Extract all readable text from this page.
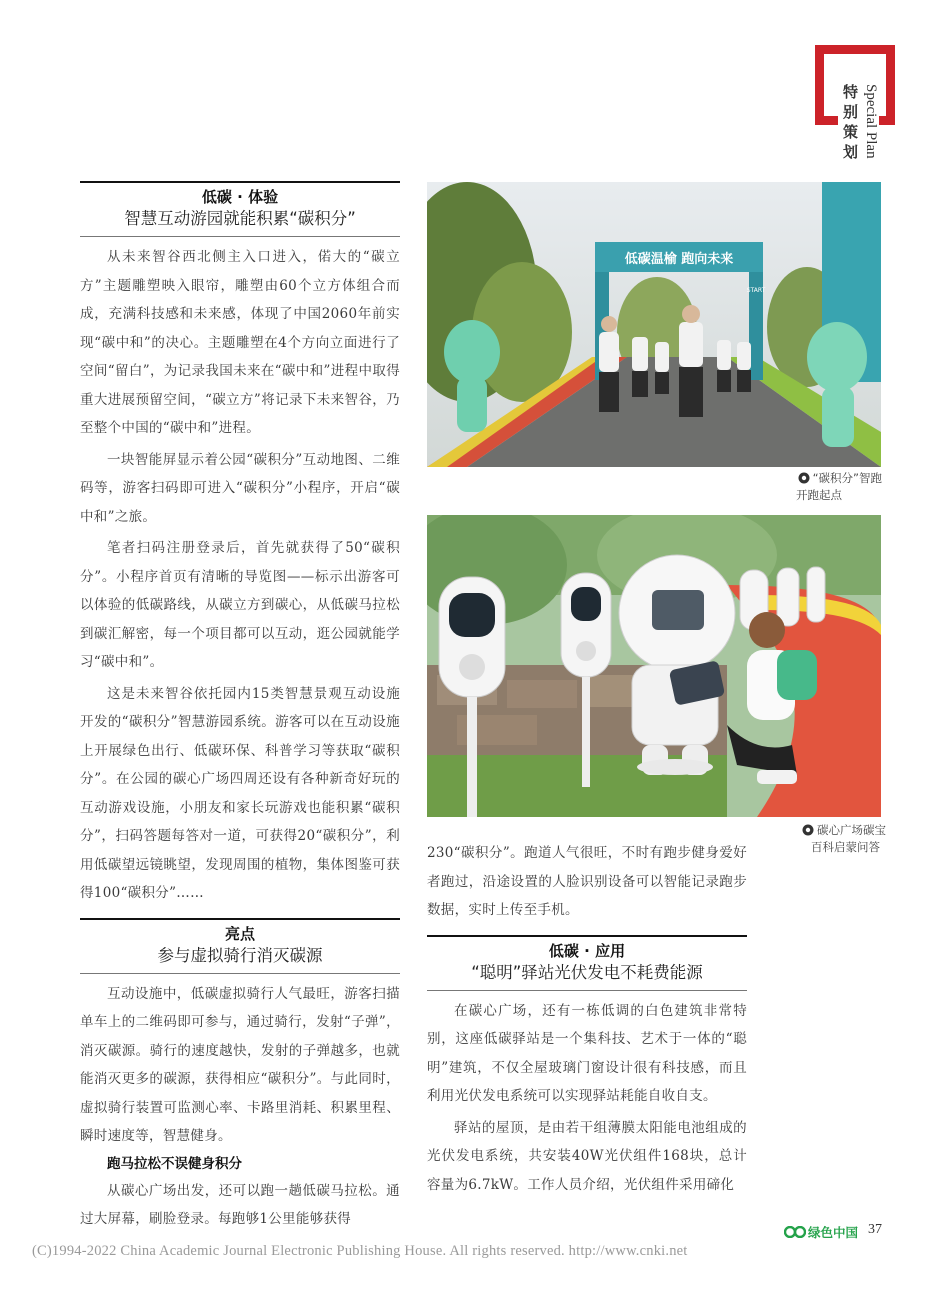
特别策划 Special Plan
低碳 · 体验
智慧互动游园就能积累“碳积分”

从未来智谷西北侧主入口进入，偌大的“碳立方”主题雕塑映入眼帘，雕塑由60个立方体组合而成，充满科技感和未来感，体现了中国2060年前实现“碳中和”的决心。主题雕塑在4个方向立面进行了空间“留白”，为记录我国未来在“碳中和”进程中取得重大进展预留空间，“碳立方”将记录下未来智谷，乃至整个中国的“碳中和”进程。

一块智能屏显示着公园“碳积分”互动地图、二维码等，游客扫码即可进入“碳积分”小程序，开启“碳中和”之旅。

笔者扫码注册登录后，首先就获得了50“碳积分”。小程序首页有清晰的导览图——标示出游客可以体验的低碳路线，从碳立方到碳心，从低碳马拉松到碳汇解密，每一个项目都可以互动，逛公园就能学习“碳中和”。

这是未来智谷依托园内15类智慧景观互动设施开发的“碳积分”智慧游园系统。游客可以在互动设施上开展绿色出行、低碳环保、科普学习等获取“碳积分”。在公园的碳心广场四周还设有各种新奇好玩的互动游戏设施，小朋友和家长玩游戏也能积累“碳积分”，扫码答题每答对一道，可获得20“碳积分”，利用低碳望远镜眺望，发现周围的植物，集体图鉴可获得100“碳积分”……

亮点
参与虚拟骑行消灭碳源

互动设施中，低碳虚拟骑行人气最旺，游客扫描单车上的二维码即可参与，通过骑行，发射“子弹”，消灭碳源。骑行的速度越快，发射的子弹越多，也就能消灭更多的碳源，获得相应“碳积分”。与此同时，虚拟骑行装置可监测心率、卡路里消耗、积累里程、瞬时速度等，智慧健身。

跑马拉松不误健身积分

从碳心广场出发，还可以跑一趟低碳马拉松。通过大屏幕，刷脸登录。每跑够1公里能够获得

低碳温榆 跑向未来
START
“碳积分”智跑
开跑起点
碳心广场碳宝
百科启蒙问答

230“碳积分”。跑道人气很旺，不时有跑步健身爱好者跑过，沿途设置的人脸识别设备可以智能记录跑步数据，实时上传至手机。

低碳 · 应用
“聪明”驿站光伏发电不耗费能源

在碳心广场，还有一栋低调的白色建筑非常特别，这座低碳驿站是一个集科技、艺术于一体的“聪明”建筑，不仅全屋玻璃门窗设计很有科技感，而且利用光伏发电系统可以实现驿站耗能自收自支。

驿站的屋顶，是由若干组薄膜太阳能电池组成的光伏发电系统，共安装40W光伏组件168块，总计容量为6.7kW。工作人员介绍，光伏组件采用碲化

绿色中国 37
(C)1994-2022 China Academic Journal Electronic Publishing House. All rights reserved. http://www.cnki.net
